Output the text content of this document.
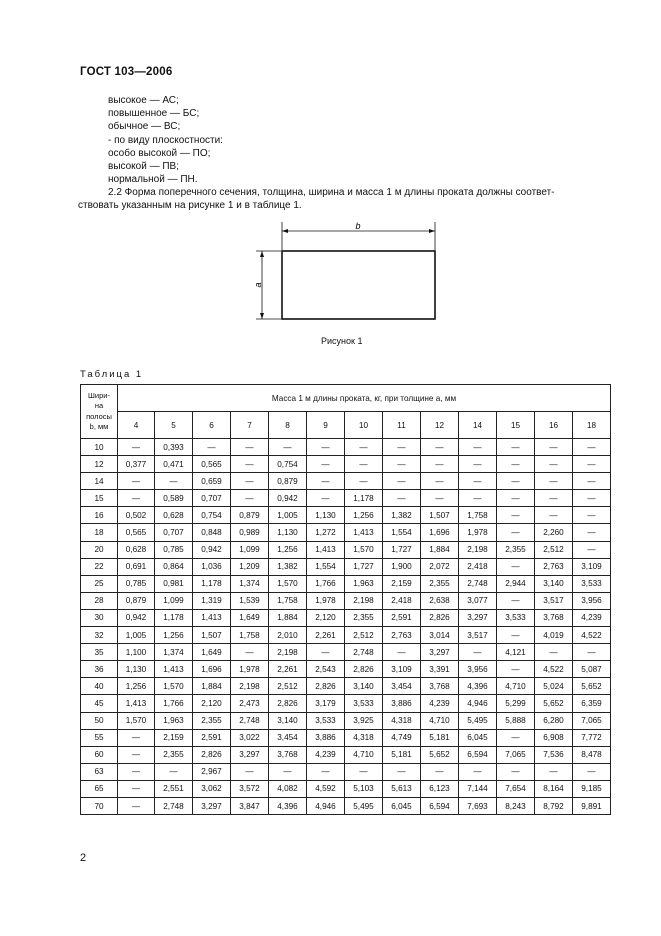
ГОСТ 103—2006
высокое — АС;
повышенное — БС;
обычное — ВС;
- по виду плоскостности:
особо высокой — ПО;
высокой — ПВ;
нормальной — ПН.
2.2 Форма поперечного сечения, толщина, ширина и масса 1 м длины проката должны соответ-
ствовать указанным на рисунке 1 и в таблице 1.
b
a
Рисунок 1
Таблица 1
Шири-
на
полосы
b, мм	Масса 1 м длины проката, кг, при толщине a, мм												
	4	5	6	7	8	9	10	11	12	14	15	16	18
10	—	0,393	—	—	—	—	—	—	—	—	—	—	—
12	0,377	0,471	0,565	—	0,754	—	—	—	—	—	—	—	—
14	—	—	0,659	—	0,879	—	—	—	—	—	—	—	—
15	—	0,589	0,707	—	0,942	—	1,178	—	—	—	—	—	—
16	0,502	0,628	0,754	0,879	1,005	1,130	1,256	1,382	1,507	1,758	—	—	—
18	0,565	0,707	0,848	0,989	1,130	1,272	1,413	1,554	1,696	1,978	—	2,260	—
20	0,628	0,785	0,942	1,099	1,256	1,413	1,570	1,727	1,884	2,198	2,355	2,512	—
22	0,691	0,864	1,036	1,209	1,382	1,554	1,727	1,900	2,072	2,418	—	2,763	3,109
25	0,785	0,981	1,178	1,374	1,570	1,766	1,963	2,159	2,355	2,748	2,944	3,140	3,533
28	0,879	1,099	1,319	1,539	1,758	1,978	2,198	2,418	2,638	3,077	—	3,517	3,956
30	0,942	1,178	1,413	1,649	1,884	2,120	2,355	2,591	2,826	3,297	3,533	3,768	4,239
32	1,005	1,256	1,507	1,758	2,010	2,261	2,512	2,763	3,014	3,517	—	4,019	4,522
35	1,100	1,374	1,649	—	2,198	—	2,748	—	3,297	—	4,121	—	—
36	1,130	1,413	1,696	1,978	2,261	2,543	2,826	3,109	3,391	3,956	—	4,522	5,087
40	1,256	1,570	1,884	2,198	2,512	2,826	3,140	3,454	3,768	4,396	4,710	5,024	5,652
45	1,413	1,766	2,120	2,473	2,826	3,179	3,533	3,886	4,239	4,946	5,299	5,652	6,359
50	1,570	1,963	2,355	2,748	3,140	3,533	3,925	4,318	4,710	5,495	5,888	6,280	7,065
55	—	2,159	2,591	3,022	3,454	3,886	4,318	4,749	5,181	6,045	—	6,908	7,772
60	—	2,355	2,826	3,297	3,768	4,239	4,710	5,181	5,652	6,594	7,065	7,536	8,478
63	—	—	2,967	—	—	—	—	—	—	—	—	—	—
65	—	2,551	3,062	3,572	4,082	4,592	5,103	5,613	6,123	7,144	7,654	8,164	9,185
70	—	2,748	3,297	3,847	4,396	4,946	5,495	6,045	6,594	7,693	8,243	8,792	9,891
2
